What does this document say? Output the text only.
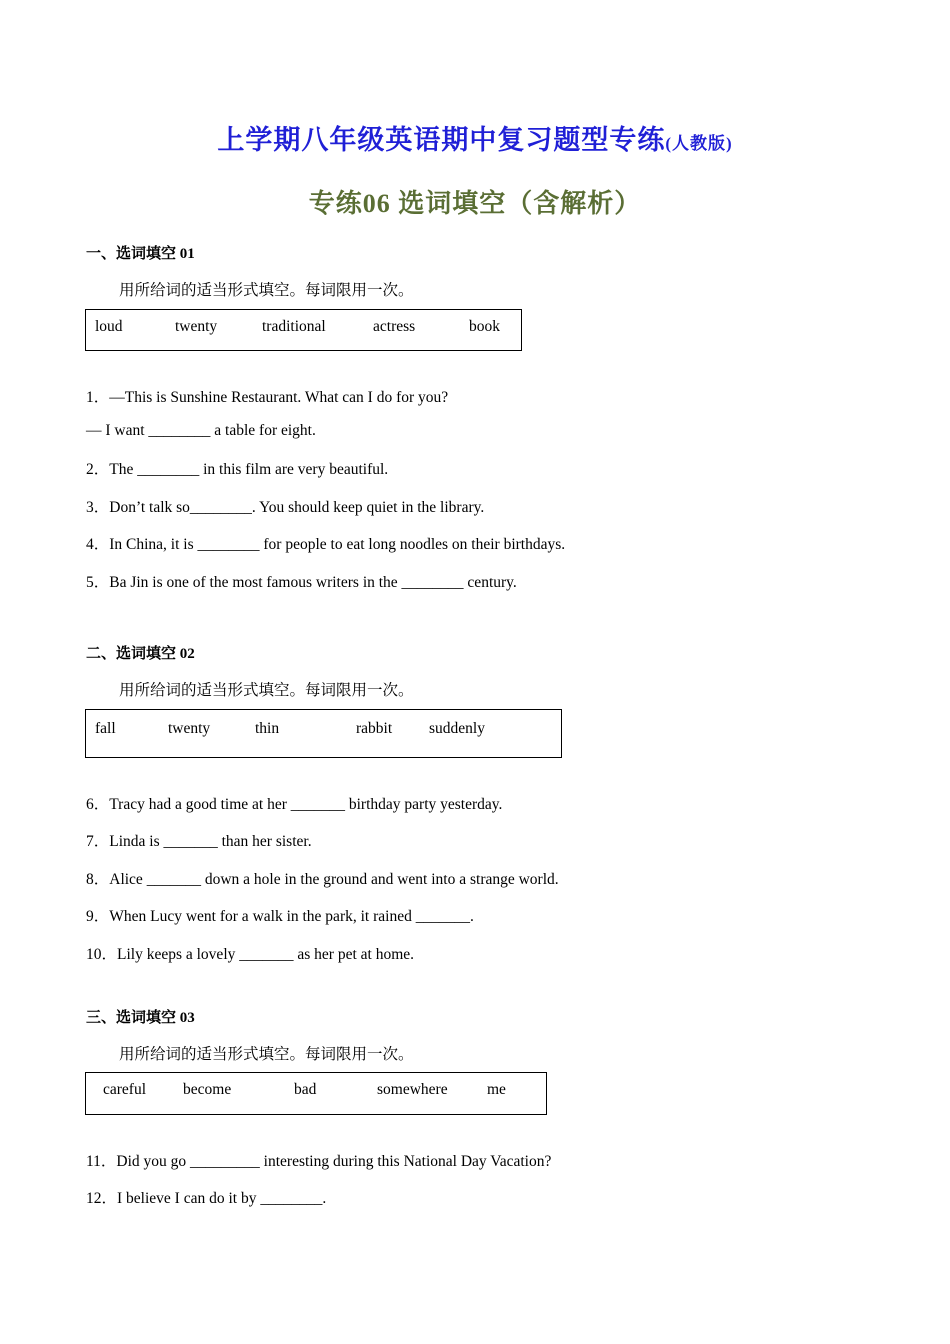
上学期八年级英语期中复习题型专练(人教版)
专练06 选词填空（含解析）
一、选词填空 01
用所给词的适当形式填空。每词限用一次。
loud	twenty	traditional	actress	book
1．—This is Sunshine Restaurant. What can I do for you?
— I want ________ a table for eight.
2．The ________ in this film are very beautiful.
3．Don’t talk so________. You should keep quiet in the library.
4．In China, it is ________ for people to eat long noodles on their birthdays.
5．Ba Jin is one of the most famous writers in the ________ century.
二、选词填空 02
用所给词的适当形式填空。每词限用一次。
fall	twenty	thin	rabbit suddenly
6．Tracy had a good time at her _______ birthday party yesterday.
7．Linda is _______ than her sister.
8．Alice _______ down a hole in the ground and went into a strange world.
9．When Lucy went for a walk in the park, it rained _______.
10．Lily keeps a lovely _______ as her pet at home.
三、选词填空 03
用所给词的适当形式填空。每词限用一次。
careful become	bad	somewhere	me
11．Did you go _________ interesting during this National Day Vacation?
12．I believe I can do it by ________.
